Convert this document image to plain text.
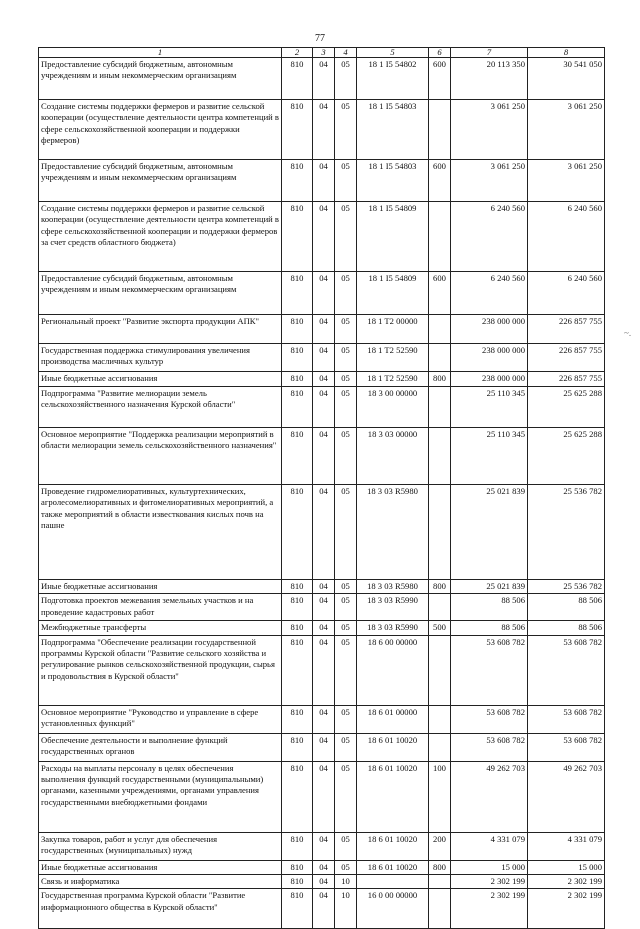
77
~.
1	2	3	4	5	6	7	8
Предоставление субсидий бюджетным, автономным учреждениям и иным некоммерческим организациям	810	04	05	18 1 I5 54802	600	20 113 350	30 541 050
Создание системы поддержки фермеров и развитие сельской кооперации (осуществление деятельности центра компетенций в сфере сельскохозяйственной кооперации и поддержки фермеров)	810	04	05	18 1 I5 54803		3 061 250	3 061 250
Предоставление субсидий бюджетным, автономным учреждениям и иным некоммерческим организациям	810	04	05	18 1 I5 54803	600	3 061 250	3 061 250
Создание системы поддержки фермеров и развитие сельской кооперации (осуществление деятельности центра компетенций в сфере сельскохозяйственной кооперации и поддержки фермеров за счет средств областного бюджета)	810	04	05	18 1 I5 54809		6 240 560	6 240 560
Предоставление субсидий бюджетным, автономным учреждениям и иным некоммерческим организациям	810	04	05	18 1 I5 54809	600	6 240 560	6 240 560
Региональный проект "Развитие экспорта продукции АПК"	810	04	05	18 1 T2 00000		238 000 000	226 857 755
Государственная поддержка стимулирования увеличения производства масличных культур	810	04	05	18 1 T2 52590		238 000 000	226 857 755
Иные бюджетные ассигнования	810	04	05	18 1 T2 52590	800	238 000 000	226 857 755
Подпрограмма "Развитие мелиорации земель сельскохозяйственного назначения Курской области"	810	04	05	18 3 00 00000		25 110 345	25 625 288
Основное мероприятие "Поддержка реализации мероприятий в области мелиорации земель сельскохозяйственного назначения"	810	04	05	18 3 03 00000		25 110 345	25 625 288
Проведение гидромелиоративных, культуртехнических, агролесомелиоративных и фитомелиоративных мероприятий, а также мероприятий в области известкования кислых почв на пашне	810	04	05	18 3 03 R5980		25 021 839	25 536 782
Иные бюджетные ассигнования	810	04	05	18 3 03 R5980	800	25 021 839	25 536 782
Подготовка проектов межевания земельных участков и на проведение кадастровых работ	810	04	05	18 3 03 R5990		88 506	88 506
Межбюджетные трансферты	810	04	05	18 3 03 R5990	500	88 506	88 506
Подпрограмма "Обеспечение реализации государственной программы Курской области "Развитие сельского хозяйства и регулирование рынков сельскохозяйственной продукции, сырья и продовольствия в Курской области"	810	04	05	18 6 00 00000		53 608 782	53 608 782
Основное мероприятие "Руководство и управление в сфере установленных функций"	810	04	05	18 6 01 00000		53 608 782	53 608 782
Обеспечение деятельности и выполнение функций государственных органов	810	04	05	18 6 01 10020		53 608 782	53 608 782
Расходы на выплаты персоналу в целях обеспечения выполнения функций государственными (муниципальными) органами, казенными учреждениями, органами управления государственными внебюджетными фондами	810	04	05	18 6 01 10020	100	49 262 703	49 262 703
Закупка товаров, работ и услуг для обеспечения государственных (муниципальных) нужд	810	04	05	18 6 01 10020	200	4 331 079	4 331 079
Иные бюджетные ассигнования	810	04	05	18 6 01 10020	800	15 000	15 000
Связь и информатика	810	04	10			2 302 199	2 302 199
Государственная программа Курской области "Развитие информационного общества в Курской области"	810	04	10	16 0 00 00000		2 302 199	2 302 199
